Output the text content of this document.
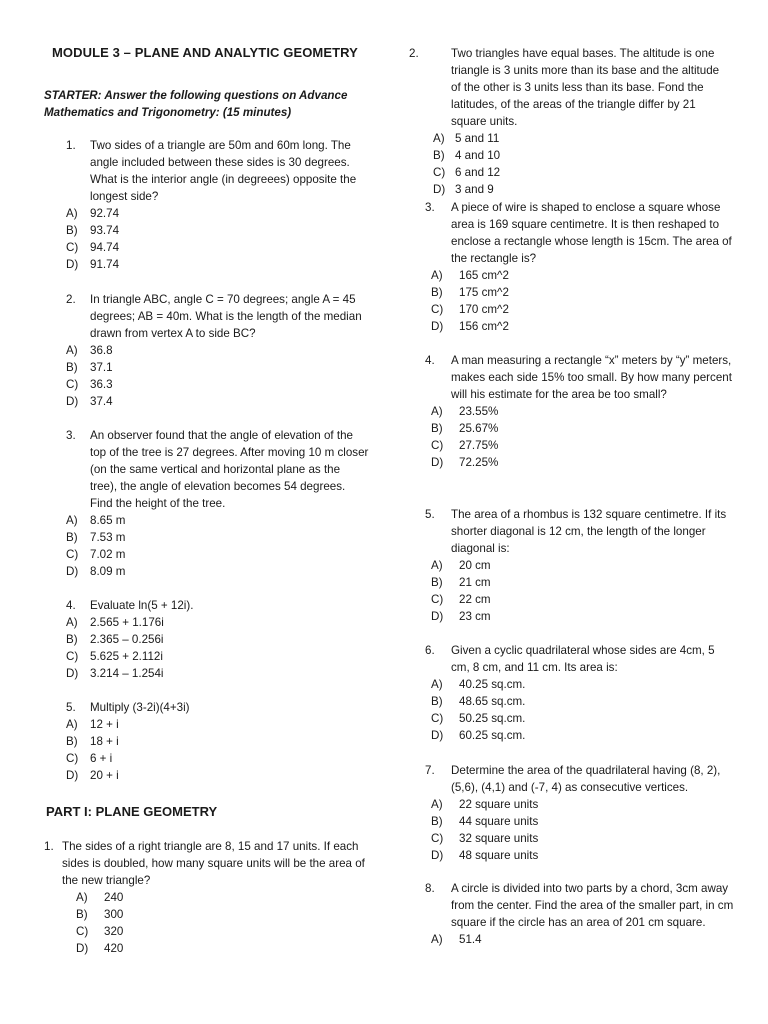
MODULE 3 – PLANE AND ANALYTIC GEOMETRY
STARTER: Answer the following questions on Advance Mathematics and Trigonometry: (15 minutes)
1. Two sides of a triangle are 50m and 60m long. The angle included between these sides is 30 degrees. What is the interior angle (in degreees) opposite the longest side?
A) 92.74
B) 93.74
C) 94.74
D) 91.74
2. In triangle ABC, angle C = 70 degrees; angle A = 45 degrees; AB = 40m. What is the length of the median drawn from vertex A to side BC?
A) 36.8
B) 37.1
C) 36.3
D) 37.4
3. An observer found that the angle of elevation of the top of the tree is 27 degrees. After moving 10 m closer (on the same vertical and horizontal plane as the tree), the angle of elevation becomes 54 degrees. Find the height of the tree.
A) 8.65 m
B) 7.53 m
C) 7.02 m
D) 8.09 m
4. Evaluate ln(5 + 12i).
A) 2.565 + 1.176i
B) 2.365 – 0.256i
C) 5.625 + 2.112i
D) 3.214 – 1.254i
5. Multiply (3-2i)(4+3i)
A) 12 + i
B) 18 + i
C) 6 + i
D) 20 + i
PART I: PLANE GEOMETRY
1. The sides of a right triangle are 8, 15 and 17 units. If each sides is doubled, how many square units will be the area of the new triangle?
A) 240
B) 300
C) 320
D) 420
2.	Two triangles have equal bases. The altitude is one triangle is 3 units more than its base and the altitude of the other is 3 units less than its base. Fond the latitudes, of the areas of the triangle differ by 21 square units.
A) 5 and 11
B) 4 and 10
C) 6 and 12
D) 3 and 9
3. A piece of wire is shaped to enclose a square whose area is 169 square centimetre. It is then reshaped to enclose a rectangle whose length is 15cm. The area of the rectangle is?
A) 165 cm^2
B) 175 cm^2
C) 170 cm^2
D) 156 cm^2
4. A man measuring a rectangle “x” meters by “y” meters, makes each side 15% too small. By how many percent will his estimate for the area be too small?
A) 23.55%
B) 25.67%
C) 27.75%
D) 72.25%
5. The area of a rhombus is 132 square centimetre. If its shorter diagonal is 12 cm, the length of the longer diagonal is:
A) 20 cm
B) 21 cm
C) 22 cm
D) 23 cm
6. Given a cyclic quadrilateral whose sides are 4cm, 5 cm, 8 cm, and 11 cm. Its area is:
A) 40.25 sq.cm.
B) 48.65 sq.cm.
C) 50.25 sq.cm.
D) 60.25 sq.cm.
7. Determine the area of the quadrilateral having (8, 2), (5,6), (4,1) and (-7, 4) as consecutive vertices.
A) 22 square units
B) 44 square units
C) 32 square units
D) 48 square units
8. A circle is divided into two parts by a chord, 3cm away from the center. Find the area of the smaller part, in cm square if the circle has an area of 201 cm square.
A) 51.4
